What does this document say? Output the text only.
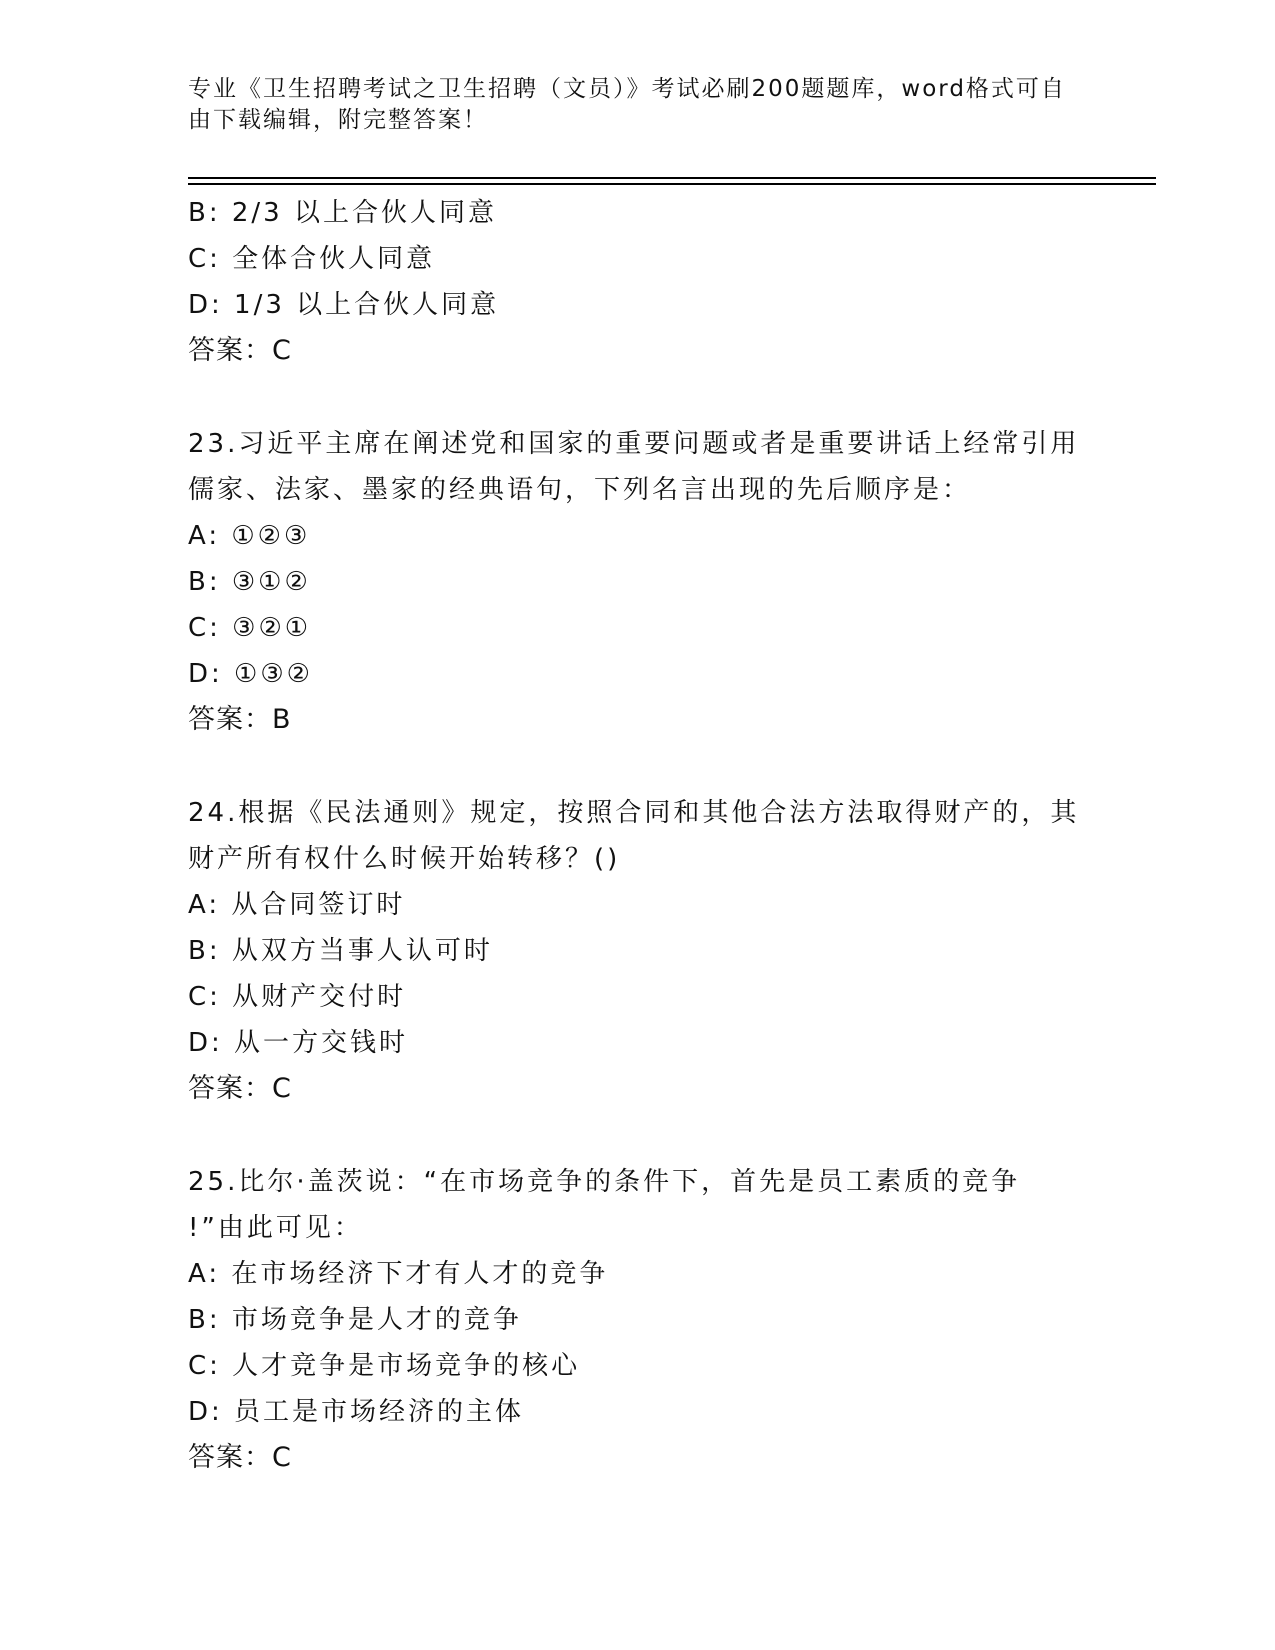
专业《卫生招聘考试之卫生招聘（文员）》考试必刷200题题库，word格式可自由下载编辑，附完整答案！
B: 2/3 以上合伙人同意
C: 全体合伙人同意
D: 1/3 以上合伙人同意
答案：C
23.习近平主席在阐述党和国家的重要问题或者是重要讲话上经常引用
儒家、法家、墨家的经典语句，下列名言出现的先后顺序是：
A: ①②③
B: ③①②
C: ③②①
D: ①③②
答案：B
24.根据《民法通则》规定，按照合同和其他合法方法取得财产的，其
财产所有权什么时候开始转移？()
A: 从合同签订时
B: 从双方当事人认可时
C: 从财产交付时
D: 从一方交钱时
答案：C
25.比尔·盖茨说：“在市场竞争的条件下，首先是员工素质的竞争
!”由此可见：
A: 在市场经济下才有人才的竞争
B: 市场竞争是人才的竞争
C: 人才竞争是市场竞争的核心
D: 员工是市场经济的主体
答案：C
